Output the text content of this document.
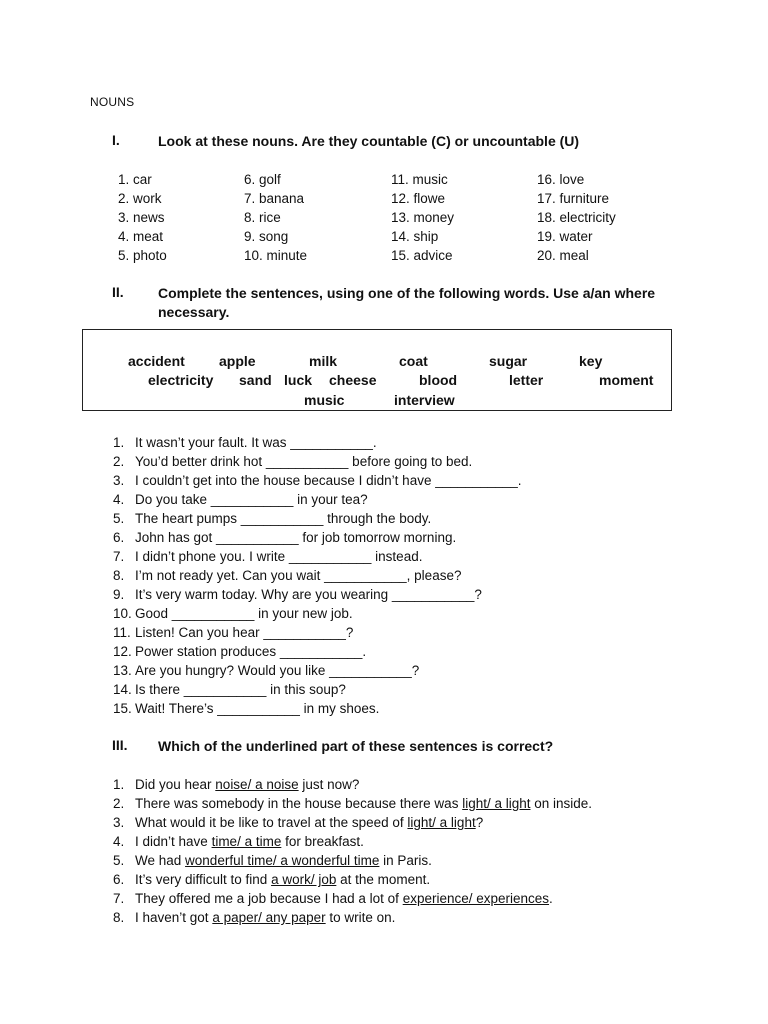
NOUNS
I.	Look at these nouns. Are they countable (C) or uncountable (U)
1. car
2. work
3. news
4. meat
5. photo
6. golf
7. banana
8. rice
9. song
10. minute
11. music
12. flowe
13. money
14. ship
15. advice
16. love
17. furniture
18. electricity
19. water
20. meal
II. Complete the sentences, using one of the following words. Use a/an where
necessary.
accident apple	milk	coat	sugar	key
electricity sand luck cheese	blood	letter	moment
music	interview
1. It wasn’t your fault. It was ___________.
2. You’d better drink hot ___________ before going to bed.
3. I couldn’t get into the house because I didn’t have ___________.
4. Do you take ___________ in your tea?
5. The heart pumps ___________ through the body.
6. John has got ___________ for job tomorrow morning.
7. I didn’t phone you. I write ___________ instead.
8. I’m not ready yet. Can you wait ___________, please?
9. It’s very warm today. Why are you wearing ___________?
10. Good ___________ in your new job.
11. Listen! Can you hear ___________?
12. Power station produces ___________.
13. Are you hungry? Would you like ___________?
14. Is there ___________ in this soup?
15. Wait! There’s ___________ in my shoes.
III. Which of the underlined part of these sentences is correct?
1. Did you hear noise/ a noise just now?
2. There was somebody in the house because there was light/ a light on inside.
3. What would it be like to travel at the speed of light/ a light?
4. I didn’t have time/ a time for breakfast.
5. We had wonderful time/ a wonderful time in Paris.
6. It’s very difficult to find a work/ job at the moment.
7. They offered me a job because I had a lot of experience/ experiences.
8. I haven’t got a paper/ any paper to write on.
